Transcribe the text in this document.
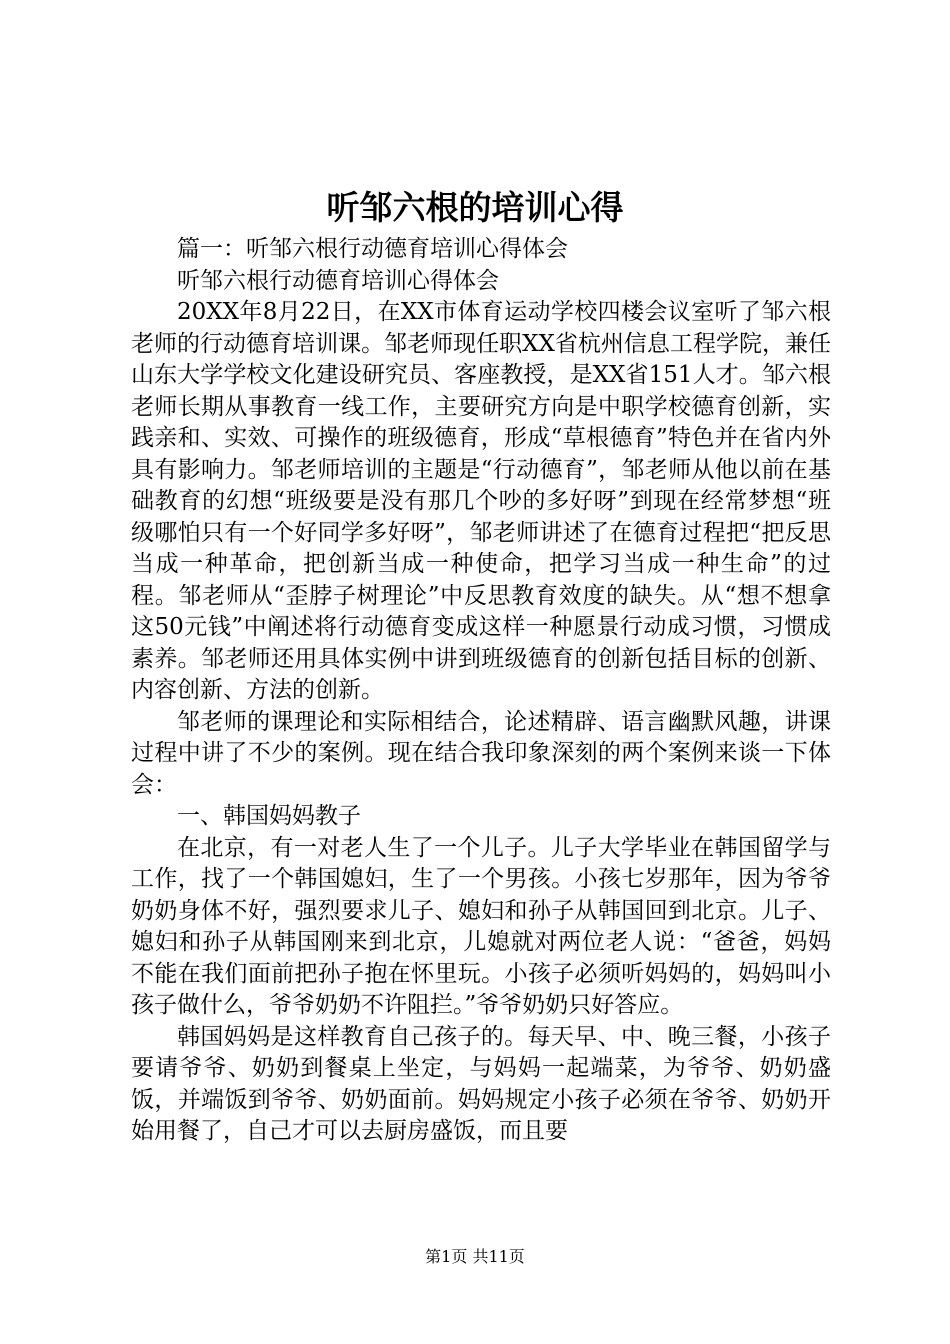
听邹六根的培训心得

篇一：听邹六根行动德育培训心得体会

听邹六根行动德育培训心得体会

20XX年8月22日，在XX市体育运动学校四楼会议室听了邹六根老师的行动德育培训课。邹老师现任职XX省杭州信息工程学院，兼任山东大学学校文化建设研究员、客座教授，是XX省151人才。邹六根老师长期从事教育一线工作，主要研究方向是中职学校德育创新，实践亲和、实效、可操作的班级德育，形成“草根德育”特色并在省内外具有影响力。邹老师培训的主题是“行动德育”，邹老师从他以前在基础教育的幻想“班级要是没有那几个吵的多好呀”到现在经常梦想“班级哪怕只有一个好同学多好呀”，邹老师讲述了在德育过程把“把反思当成一种革命，把创新当成一种使命，把学习当成一种生命”的过程。邹老师从“歪脖子树理论”中反思教育效度的缺失。从“想不想拿这50元钱”中阐述将行动德育变成这样一种愿景行动成习惯，习惯成素养。邹老师还用具体实例中讲到班级德育的创新包括目标的创新、内容创新、方法的创新。

邹老师的课理论和实际相结合，论述精辟、语言幽默风趣，讲课过程中讲了不少的案例。现在结合我印象深刻的两个案例来谈一下体会：

一、韩国妈妈教子

在北京，有一对老人生了一个儿子。儿子大学毕业在韩国留学与工作，找了一个韩国媳妇，生了一个男孩。小孩七岁那年，因为爷爷奶奶身体不好，强烈要求儿子、媳妇和孙子从韩国回到北京。儿子、媳妇和孙子从韩国刚来到北京，儿媳就对两位老人说：“爸爸，妈妈不能在我们面前把孙子抱在怀里玩。小孩子必须听妈妈的，妈妈叫小孩子做什么，爷爷奶奶不许阻拦。”爷爷奶奶只好答应。

韩国妈妈是这样教育自己孩子的。每天早、中、晚三餐，小孩子要请爷爷、奶奶到餐桌上坐定，与妈妈一起端菜，为爷爷、奶奶盛饭，并端饭到爷爷、奶奶面前。妈妈规定小孩子必须在爷爷、奶奶开始用餐了，自己才可以去厨房盛饭，而且要

第1页 共11页
